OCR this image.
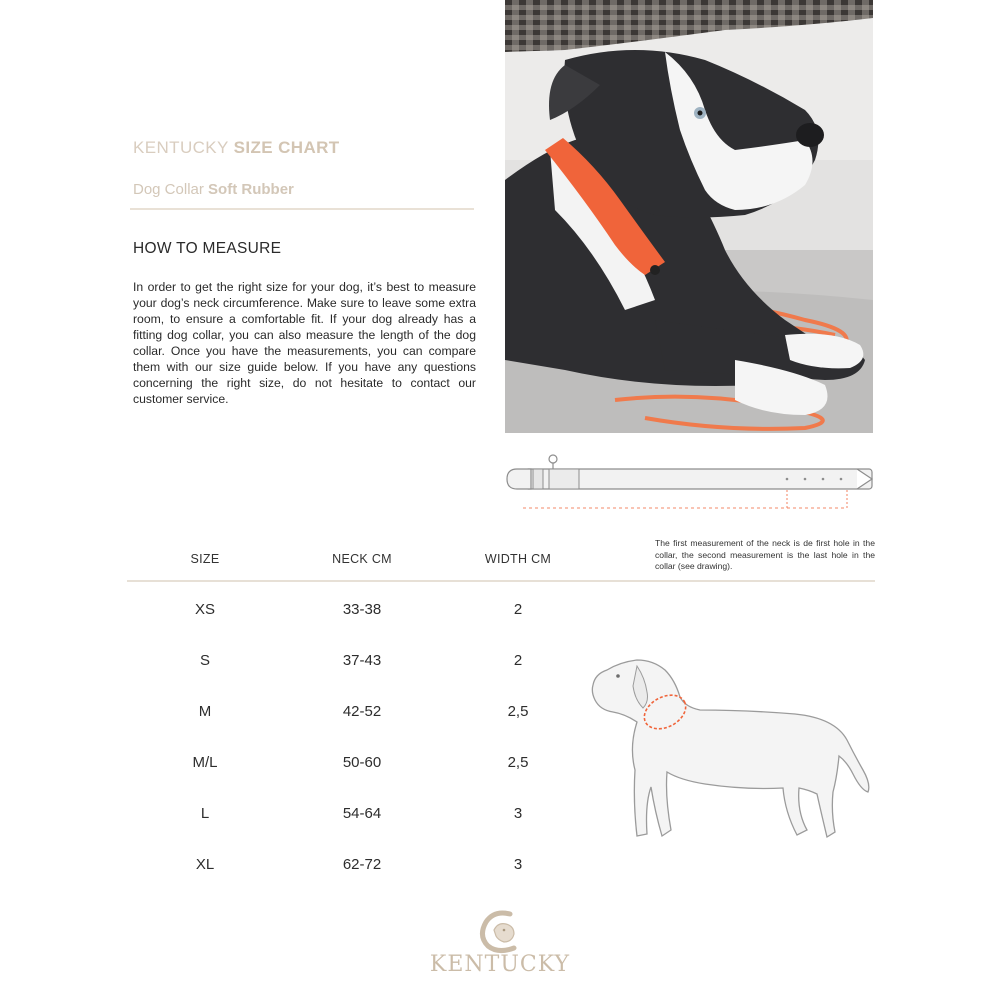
KENTUCKY SIZE CHART
Dog Collar Soft Rubber
HOW TO MEASURE
In order to get the right size for your dog, it’s best to measure your dog’s neck circumference. Make sure to leave some extra room, to ensure a comfortable fit. If your dog already has a fitting dog collar, you can also measure the length of the dog collar. Once you have the measurements, you can compare them with our size guide below. If you have any questions concerning the right size, do not hesitate to contact our customer service.
The first measurement of the neck is de first hole in the collar, the second measurement is the last hole in the collar (see drawing).
SIZE	NECK CM	WIDTH CM
XS	33-38	2
S	37-43	2
M	42-52	2,5
M/L	50-60	2,5
L	54-64	3
XL	62-72	3
KENTUCKY
